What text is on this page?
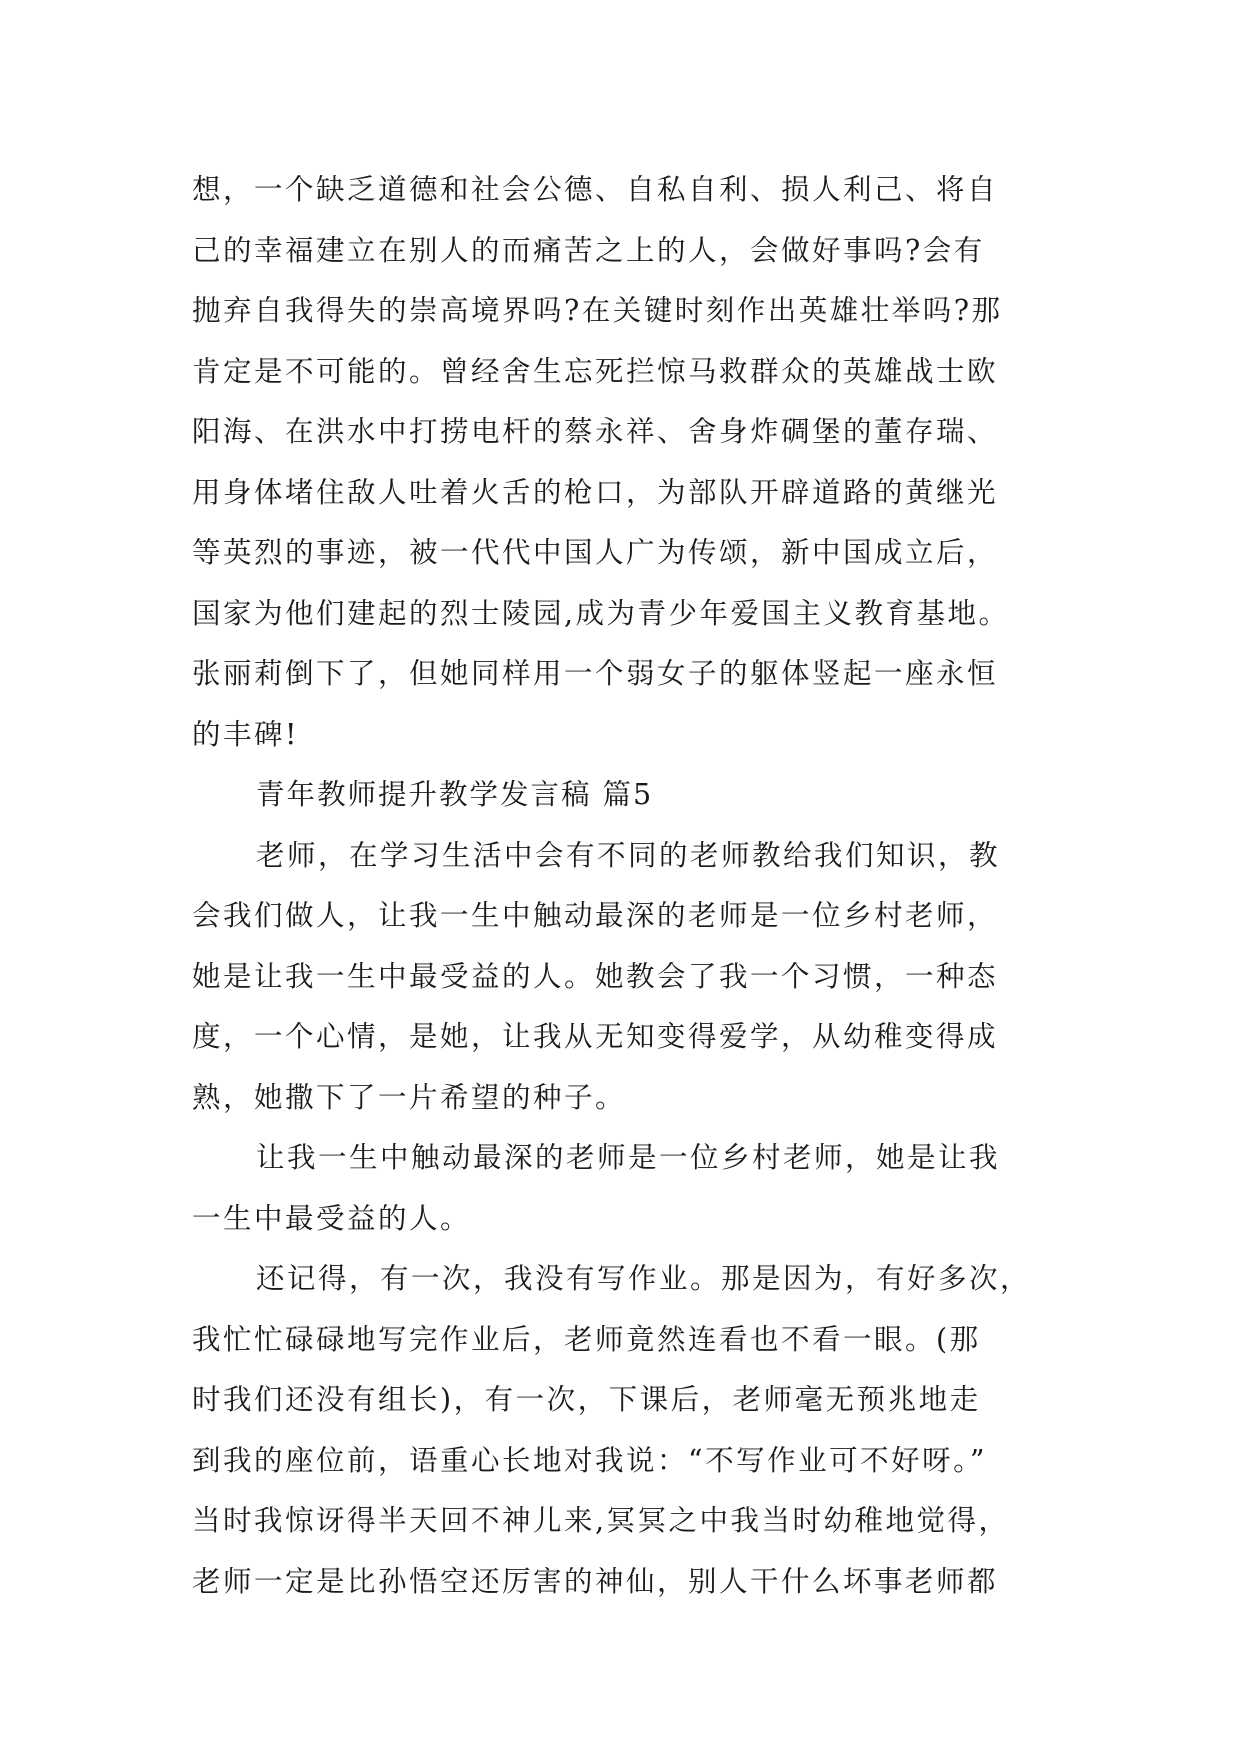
想，一个缺乏道德和社会公德、自私自利、损人利己、将自
己的幸福建立在别人的而痛苦之上的人，会做好事吗?会有
抛弃自我得失的崇高境界吗?在关键时刻作出英雄壮举吗?那
肯定是不可能的。曾经舍生忘死拦惊马救群众的英雄战士欧
阳海、在洪水中打捞电杆的蔡永祥、舍身炸碉堡的董存瑞、
用身体堵住敌人吐着火舌的枪口，为部队开辟道路的黄继光
等英烈的事迹，被一代代中国人广为传颂，新中国成立后，
国家为他们建起的烈士陵园,成为青少年爱国主义教育基地。
张丽莉倒下了，但她同样用一个弱女子的躯体竖起一座永恒
的丰碑!
青年教师提升教学发言稿 篇5
老师，在学习生活中会有不同的老师教给我们知识，教
会我们做人，让我一生中触动最深的老师是一位乡村老师，
她是让我一生中最受益的人。她教会了我一个习惯，一种态
度，一个心情，是她，让我从无知变得爱学，从幼稚变得成
熟，她撒下了一片希望的种子。
让我一生中触动最深的老师是一位乡村老师，她是让我
一生中最受益的人。
还记得，有一次，我没有写作业。那是因为，有好多次，
我忙忙碌碌地写完作业后，老师竟然连看也不看一眼。(那
时我们还没有组长)，有一次，下课后，老师毫无预兆地走
到我的座位前，语重心长地对我说：“不写作业可不好呀。”
当时我惊讶得半天回不神儿来,冥冥之中我当时幼稚地觉得，
老师一定是比孙悟空还厉害的神仙，别人干什么坏事老师都
